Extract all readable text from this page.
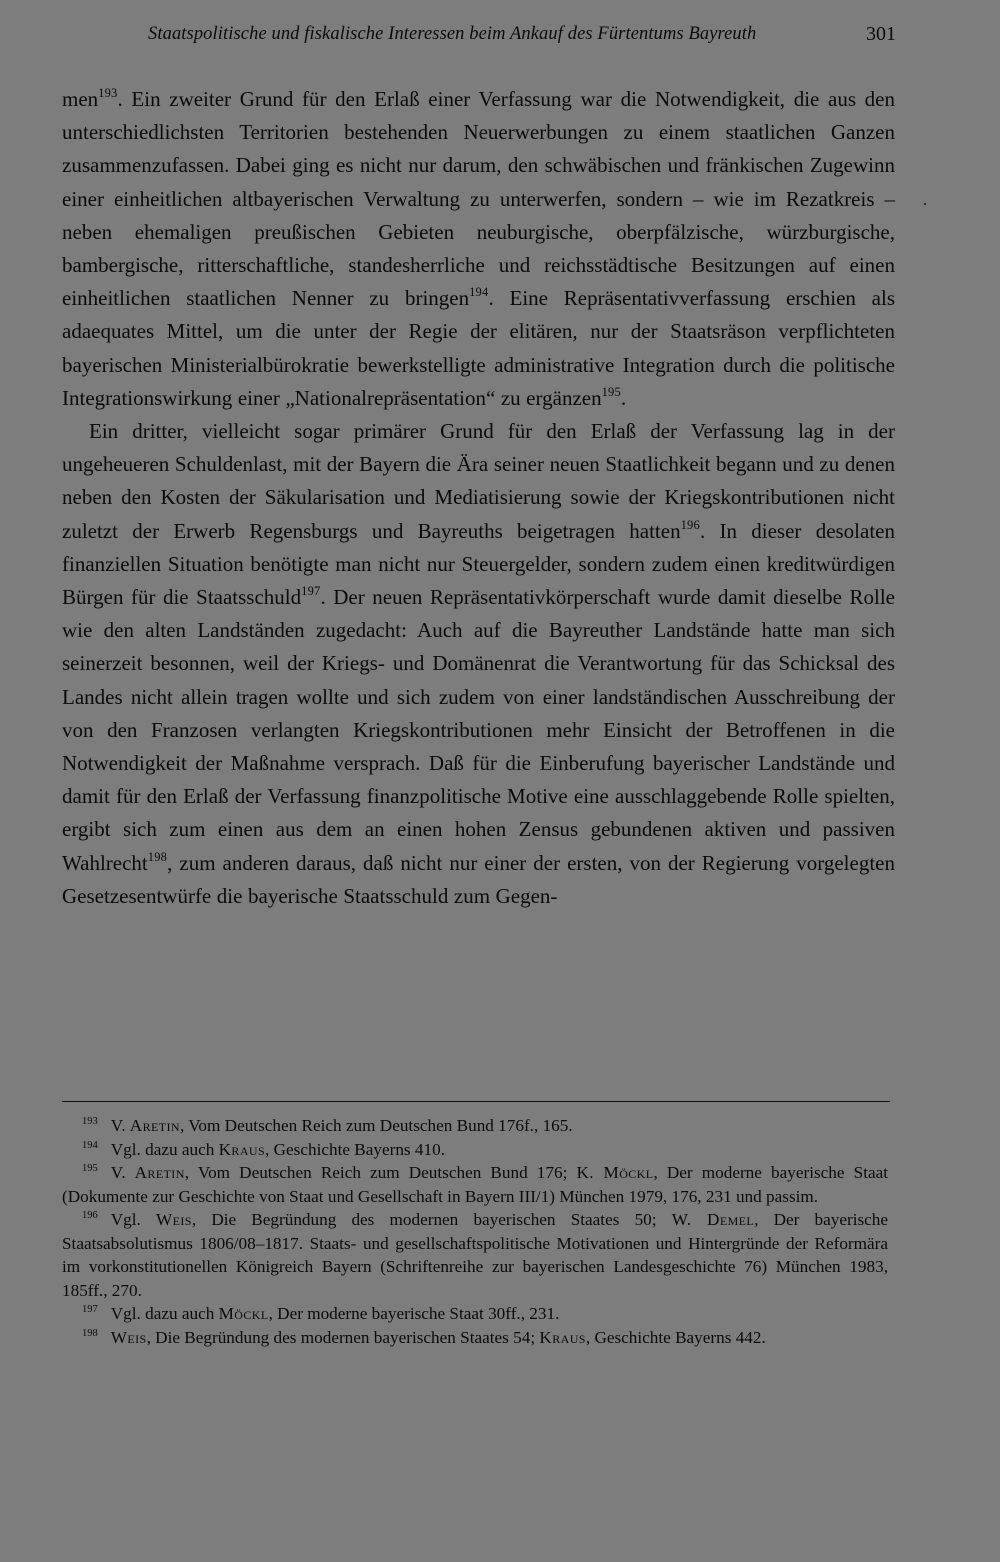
Staatspolitische und fiskalische Interessen beim Ankauf des Fürtentums Bayreuth	301

men$^{193}$. Ein zweiter Grund für den Erlaß einer Verfassung war die Notwendigkeit, die aus den unterschiedlichsten Territorien bestehenden Neuerwerbungen zu einem staatlichen Ganzen zusammenzufassen. Dabei ging es nicht nur darum, den schwäbischen und fränkischen Zugewinn einer einheitlichen altbayerischen Verwaltung zu unterwerfen, sondern – wie im Rezatkreis – neben ehemaligen preußischen Gebieten neuburgische, oberpfälzische, würzburgische, bambergische, ritterschaftliche, standesherrliche und reichsstädtische Besitzungen auf einen einheitlichen staatlichen Nenner zu bringen$^{194}$. Eine Repräsentativverfassung erschien als adaequates Mittel, um die unter der Regie der elitären, nur der Staatsräson verpflichteten bayerischen Ministerialbürokratie bewerkstelligte administrative Integration durch die politische Integrationswirkung einer „Nationalrepräsentation“ zu ergänzen$^{195}$.

Ein dritter, vielleicht sogar primärer Grund für den Erlaß der Verfassung lag in der ungeheueren Schuldenlast, mit der Bayern die Ära seiner neuen Staatlichkeit begann und zu denen neben den Kosten der Säkularisation und Mediatisierung sowie der Kriegskontributionen nicht zuletzt der Erwerb Regensburgs und Bayreuths beigetragen hatten$^{196}$. In dieser desolaten finanziellen Situation benötigte man nicht nur Steuergelder, sondern zudem einen kreditwürdigen Bürgen für die Staatsschuld$^{197}$. Der neuen Repräsentativkörperschaft wurde damit dieselbe Rolle wie den alten Landständen zugedacht: Auch auf die Bayreuther Landstände hatte man sich seinerzeit besonnen, weil der Kriegs- und Domänenrat die Verantwortung für das Schicksal des Landes nicht allein tragen wollte und sich zudem von einer landständischen Ausschreibung der von den Franzosen verlangten Kriegskontributionen mehr Einsicht der Betroffenen in die Notwendigkeit der Maßnahme versprach. Daß für die Einberufung bayerischer Landstände und damit für den Erlaß der Verfassung finanzpolitische Motive eine ausschlaggebende Rolle spielten, ergibt sich zum einen aus dem an einen hohen Zensus gebundenen aktiven und passiven Wahlrecht$^{198}$, zum anderen daraus, daß nicht nur einer der ersten, von der Regierung vorgelegten Gesetzesentwürfe die bayerische Staatsschuld zum Gegen-

$^{193}$ V. Aretin, Vom Deutschen Reich zum Deutschen Bund 176f., 165.

$^{194}$ Vgl. dazu auch Kraus, Geschichte Bayerns 410.

$^{195}$ V. Aretin, Vom Deutschen Reich zum Deutschen Bund 176; K. Möckl, Der moderne bayerische Staat (Dokumente zur Geschichte von Staat und Gesellschaft in Bayern III/1) München 1979, 176, 231 und passim.

$^{196}$ Vgl. Weis, Die Begründung des modernen bayerischen Staates 50; W. Demel, Der bayerische Staatsabsolutismus 1806/08–1817. Staats- und gesellschaftspolitische Motivationen und Hintergründe der Reformära im vorkonstitutionellen Königreich Bayern (Schriftenreihe zur bayerischen Landesgeschichte 76) München 1983, 185ff., 270.

$^{197}$ Vgl. dazu auch Möckl, Der moderne bayerische Staat 30ff., 231.

$^{198}$ Weis, Die Begründung des modernen bayerischen Staates 54; Kraus, Geschichte Bayerns 442.
